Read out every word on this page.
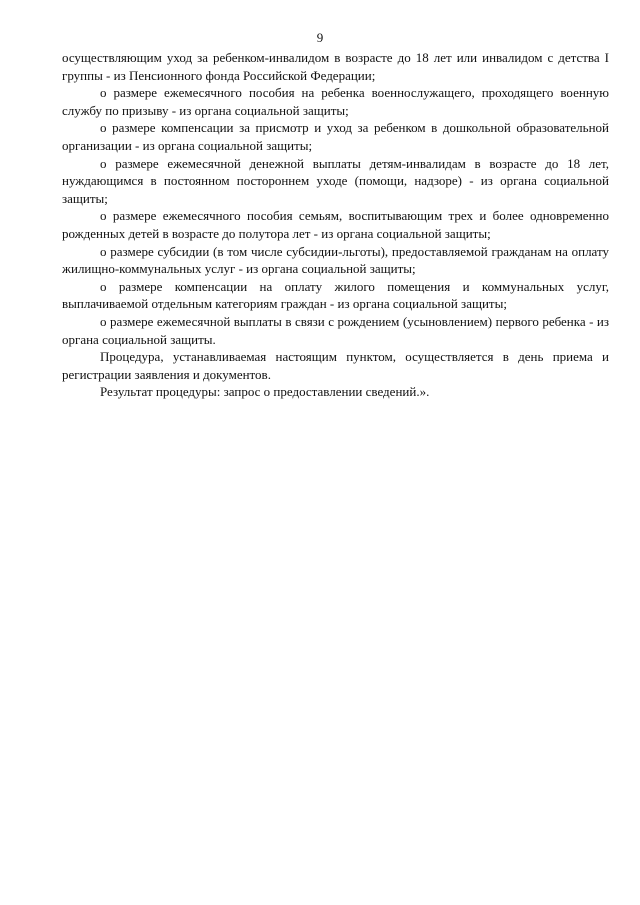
9

осуществляющим уход за ребенком-инвалидом в возрасте до 18 лет или инвалидом с детства I группы - из Пенсионного фонда Российской Федерации;

о размере ежемесячного пособия на ребенка военнослужащего, проходящего военную службу по призыву - из органа социальной защиты;

о размере компенсации за присмотр и уход за ребенком в дошкольной образовательной организации - из органа социальной защиты;

о размере ежемесячной денежной выплаты детям-инвалидам в возрасте до 18 лет, нуждающимся в постоянном постороннем уходе (помощи, надзоре) - из органа социальной защиты;

о размере ежемесячного пособия семьям, воспитывающим трех и более одновременно рожденных детей в возрасте до полутора лет - из органа социальной защиты;

о размере субсидии (в том числе субсидии-льготы), предоставляемой гражданам на оплату жилищно-коммунальных услуг - из органа социальной защиты;

о размере компенсации на оплату жилого помещения и коммунальных услуг, выплачиваемой отдельным категориям граждан - из органа социальной защиты;

о размере ежемесячной выплаты в связи с рождением (усыновлением) первого ребенка - из органа социальной защиты.

Процедура, устанавливаемая настоящим пунктом, осуществляется в день приема и регистрации заявления и документов.

Результат процедуры: запрос о предоставлении сведений.».
